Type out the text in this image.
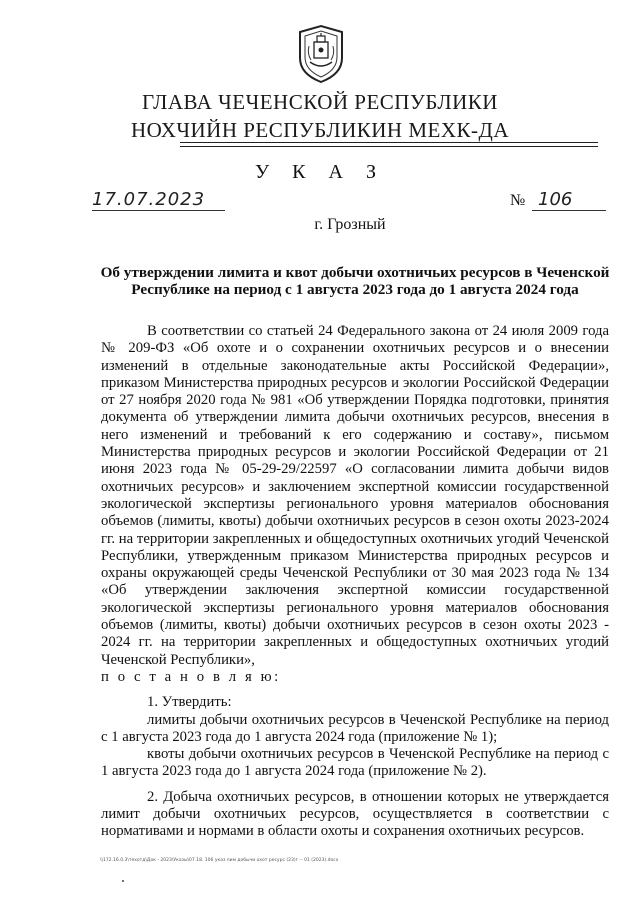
ГЛАВА ЧЕЧЕНСКОЙ РЕСПУБЛИКИ
НОХЧИЙН РЕСПУБЛИКИН МЕХК-ДА
У К А З
17.07.2023	№ 106
г. Грозный
Об утверждении лимита и квот добычи охотничьих ресурсов в Чеченской Республике на период с 1 августа 2023 года до 1 августа 2024 года

В соответствии со статьей 24 Федерального закона от 24 июля 2009 года № 209-ФЗ «Об охоте и о сохранении охотничьих ресурсов и о внесении изменений в отдельные законодательные акты Российской Федерации», приказом Министерства природных ресурсов и экологии Российской Федерации от 27 ноября 2020 года № 981 «Об утверждении Порядка подготовки, принятия документа об утверждении лимита добычи охотничьих ресурсов, внесения в него изменений и требований к его содержанию и составу», письмом Министерства природных ресурсов и экологии Российской Федерации от 21 июня 2023 года № 05-29-29/22597 «О согласовании лимита добычи видов охотничьих ресурсов» и заключением экспертной комиссии государственной экологической экспертизы регионального уровня материалов обоснования объемов (лимиты, квоты) добычи охотничьих ресурсов в сезон охоты 2023-2024 гг. на территории закрепленных и общедоступных охотничьих угодий Чеченской Республики, утвержденным приказом Министерства природных ресурсов и охраны окружающей среды Чеченской Республики от 30 мая 2023 года № 134 «Об утверждении заключения экспертной комиссии государственной экологической экспертизы регионального уровня материалов обоснования объемов (лимиты, квоты) добычи охотничьих ресурсов в сезон охоты 2023 - 2024 гг. на территории закрепленных и общедоступных охотничьих угодий Чеченской Республики»,

п о с т а н о в л я ю:

1. Утвердить:

лимиты добычи охотничьих ресурсов в Чеченской Республике на период с 1 августа 2023 года до 1 августа 2024 года (приложение № 1);

квоты добычи охотничьих ресурсов в Чеченской Республике на период с 1 августа 2023 года до 1 августа 2024 года (приложение № 2).

2. Добыча охотничьих ресурсов, в отношении которых не утверждается лимит добычи охотничьих ресурсов, осуществляется в соответствии с нормативами и нормами в области охоты и сохранения охотничьих ресурсов.

\\172.16.0.3\техотд\Док - 2023\Указы\07.18. 106 указ лим добычи охот ресурс (23)г -- 01 (2023).docx
